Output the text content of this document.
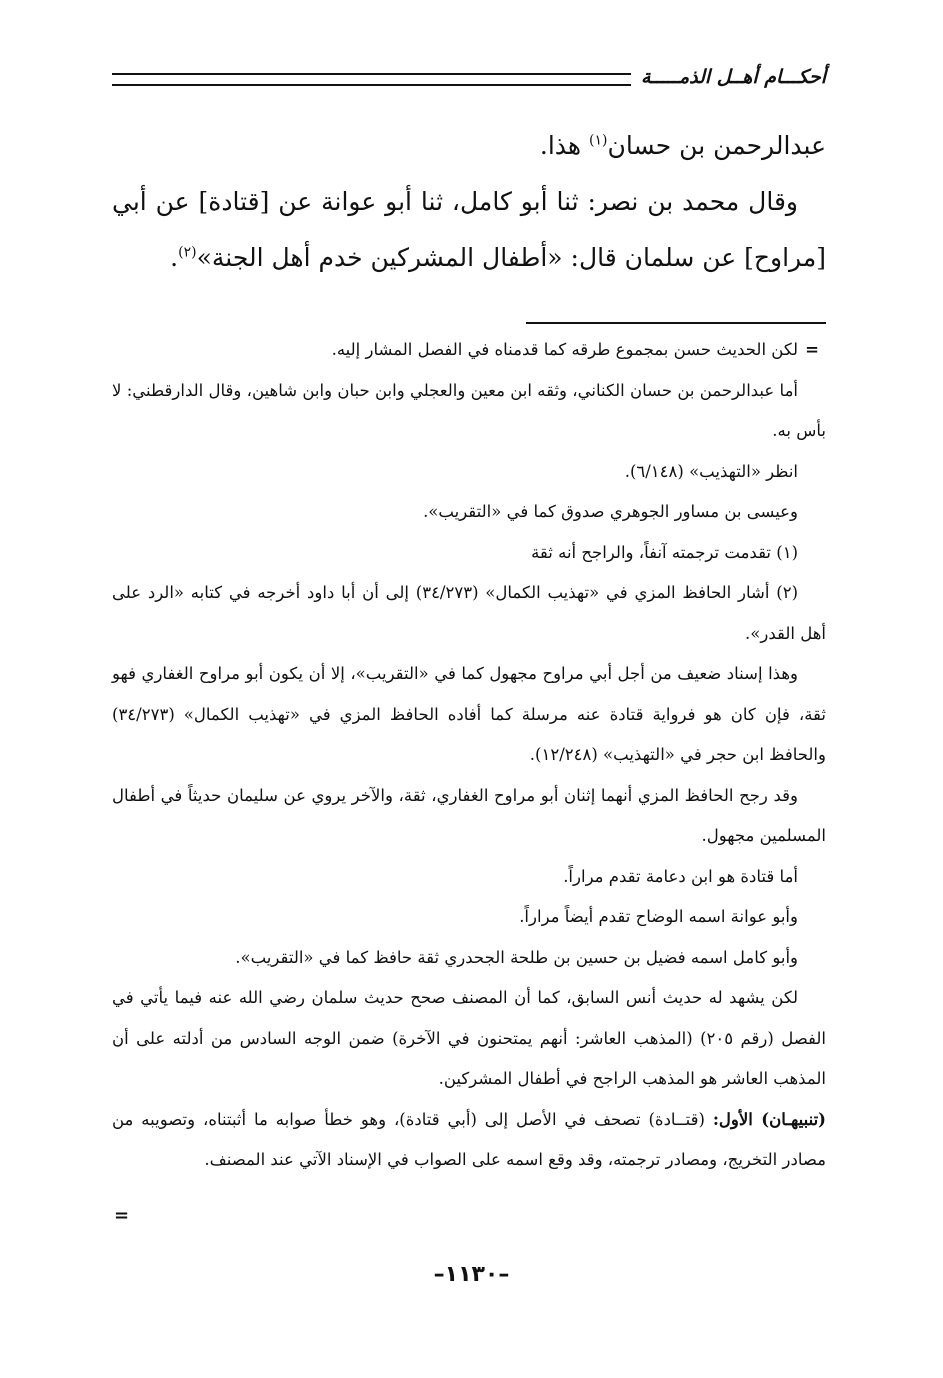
أحكـــام أهــل الذمـــــة

عبدالرحمن بن حسان$^{(١)}$ هذا.

وقال محمد بن نصر: ثنا أبو كامل، ثنا أبو عوانة عن [قتادة] عن أبي [مراوح] عن سلمان قال: «أطفال المشركين خدم أهل الجنة»$^{(٢)}$.

=لكن الحديث حسن بمجموع طرقه كما قدمناه في الفصل المشار إليه.

أما عبدالرحمن بن حسان الكناني، وثقه ابن معين والعجلي وابن حبان وابن شاهين، وقال الدارقطني: لا بأس به.

انظر «التهذيب» (٦/١٤٨).

وعيسى بن مساور الجوهري صدوق كما في «التقريب».

(١) تقدمت ترجمته آنفاً، والراجح أنه ثقة

(٢) أشار الحافظ المزي في «تهذيب الكمال» (٣٤/٢٧٣) إلى أن أبا داود أخرجه في كتابه «الرد على أهل القدر».

وهذا إسناد ضعيف من أجل أبي مراوح مجهول كما في «التقريب»، إلا أن يكون أبو مراوح الغفاري فهو ثقة، فإن كان هو فرواية قتادة عنه مرسلة كما أفاده الحافظ المزي في «تهذيب الكمال» (٣٤/٢٧٣) والحافظ ابن حجر في «التهذيب» (١٢/٢٤٨).

وقد رجح الحافظ المزي أنهما إثنان أبو مراوح الغفاري، ثقة، والآخر يروي عن سليمان حديثاً في أطفال المسلمين مجهول.

أما قتادة هو ابن دعامة تقدم مراراً.

وأبو عوانة اسمه الوضاح تقدم أيضاً مراراً.

وأبو كامل اسمه فضيل بن حسين بن طلحة الجحدري ثقة حافظ كما في «التقريب».

لكن يشهد له حديث أنس السابق، كما أن المصنف صحح حديث سلمان رضي الله عنه فيما يأتي في الفصل (رقم ٢٠٥) (المذهب العاشر: أنهم يمتحنون في الآخرة) ضمن الوجه السادس من أدلته على أن المذهب العاشر هو المذهب الراجح في أطفال المشركين.

(تنبيهـان) الأول: (قتــادة) تصحف في الأصل إلى (أبي قتادة)، وهو خطأ صوابه ما أثبتناه، وتصويبه من مصادر التخريج، ومصادر ترجمته، وقد وقع اسمه على الصواب في الإسناد الآتي عند المصنف.

=
–١١٣٠–
